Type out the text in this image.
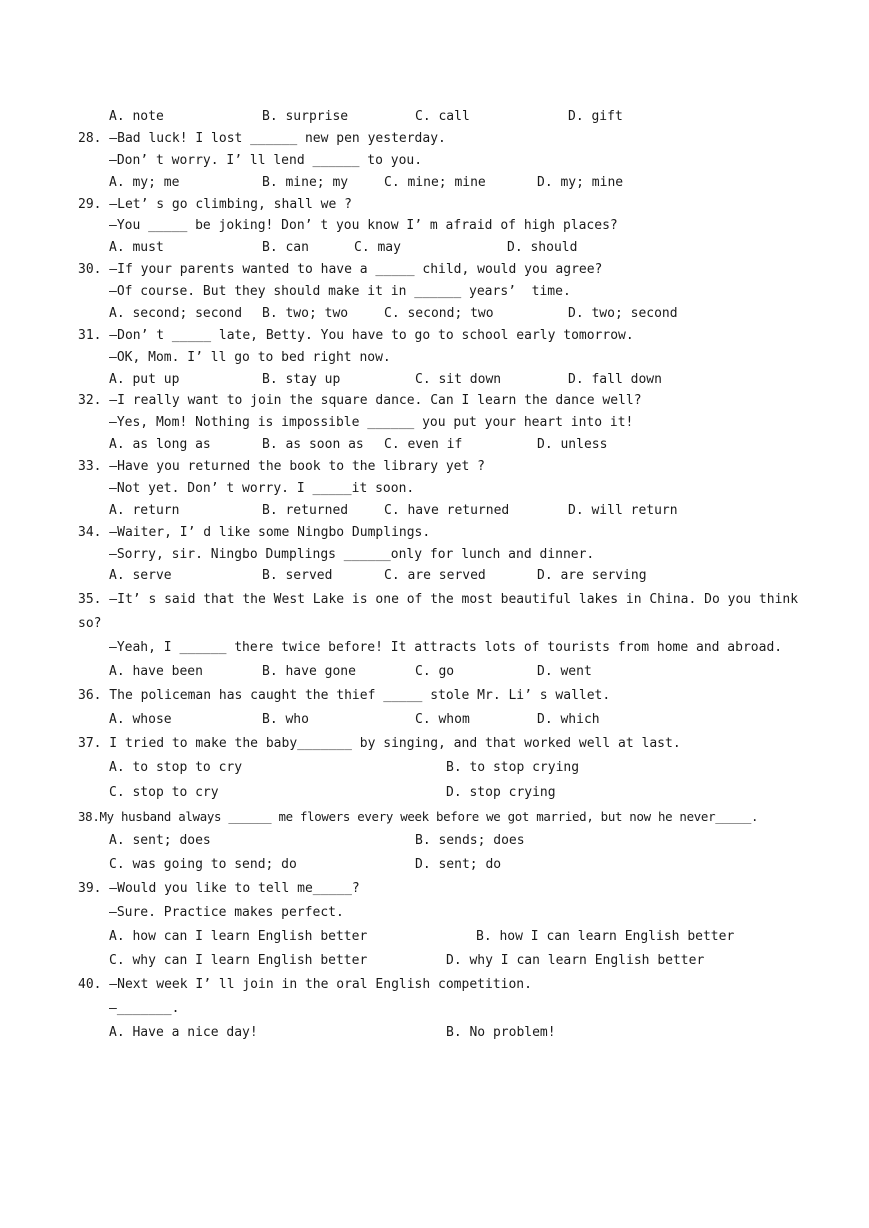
A. note	B. surprise	C. call	D. gift
28. —Bad luck! I lost ______ new pen yesterday.
—Don’ t worry. I’ ll lend ______ to you.
A. my; me	B. mine; my	C. mine; mine	D. my; mine
29. —Let’ s go climbing, shall we ?
—You _____ be joking! Don’ t you know I’ m afraid of high places?
A. must	B. can	C. may	D. should
30. —If your parents wanted to have a _____ child, would you agree?
—Of course. But they should make it in ______ years’  time.
A. second; second B. two; two	C. second; two	D. two; second
31. —Don’ t _____ late, Betty. You have to go to school early tomorrow.
—OK, Mom. I’ ll go to bed right now.
A. put up	B. stay up	C. sit down	D. fall down
32. —I really want to join the square dance. Can I learn the dance well?
—Yes, Mom! Nothing is impossible ______ you put your heart into it!
A. as long as	B. as soon as C. even if	D. unless
33. —Have you returned the book to the library yet ?
—Not yet. Don’ t worry. I _____it soon.
A. return	B. returned	C. have returned	D. will return
34. —Waiter, I’ d like some Ningbo Dumplings.
—Sorry, sir. Ningbo Dumplings ______only for lunch and dinner.
A. serve	B. served	C. are served	D. are serving
35. —It’ s said that the West Lake is one of the most beautiful lakes in China. Do you think
so?
—Yeah, I ______ there twice before! It attracts lots of tourists from home and abroad.
A. have been	B. have gone	C. go	D. went
36. The policeman has caught the thief _____ stole Mr. Li’ s wallet.
A. whose	B. who	C. whom	D. which
37. I tried to make the baby_______ by singing, and that worked well at last.
A. to stop to cry	B. to stop crying
C. stop to cry	D. stop crying
38.My husband always ______ me flowers every week before we got married, but now he never_____.
A. sent; does	B. sends; does
C. was going to send; do	D. sent; do
39. —Would you like to tell me_____?
—Sure. Practice makes perfect.
A. how can I learn English better	B. how I can learn English better
C. why can I learn English better	D. why I can learn English better
40. —Next week I’ ll join in the oral English competition.
—_______.
A. Have a nice day!	B. No problem!
